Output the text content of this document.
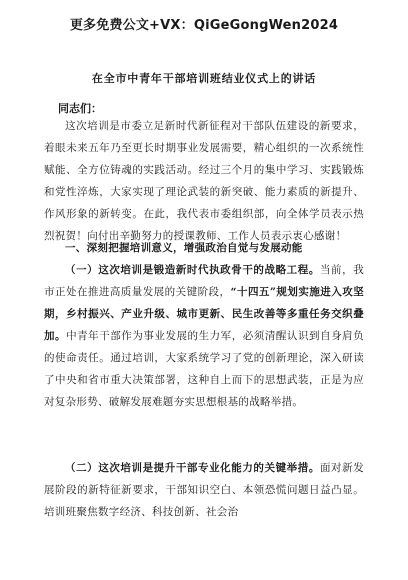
更多免费公文+VX：QiGeGongWen2024
在全市中青年干部培训班结业仪式上的讲话
同志们：

这次培训是市委立足新时代新征程对干部队伍建设的新要求，着眼未来五年乃至更长时期事业发展需要，精心组织的一次系统性赋能、全方位铸魂的实践活动。经过三个月的集中学习、实践锻炼和党性淬炼，大家实现了理论武装的新突破、能力素质的新提升、作风形象的新转变。在此，我代表市委组织部，向全体学员表示热烈祝贺！向付出辛勤努力的授课教师、工作人员表示衷心感谢！

一、深刻把握培训意义，增强政治自觉与发展动能

（一）这次培训是锻造新时代执政骨干的战略工程。当前，我市正处在推进高质量发展的关键阶段，“十四五”规划实施进入攻坚期，乡村振兴、产业升级、城市更新、民生改善等多重任务交织叠加。中青年干部作为事业发展的生力军，必须清醒认识到自身肩负的使命责任。通过培训，大家系统学习了党的创新理论，深入研读了中央和省市重大决策部署，这种自上而下的思想武装，正是为应对复杂形势、破解发展难题夯实思想根基的战略举措。

（二）这次培训是提升干部专业化能力的关键举措。面对新发展阶段的新特征新要求，干部知识空白、本领恐慌问题日益凸显。培训班聚焦数字经济、科技创新、社会治
